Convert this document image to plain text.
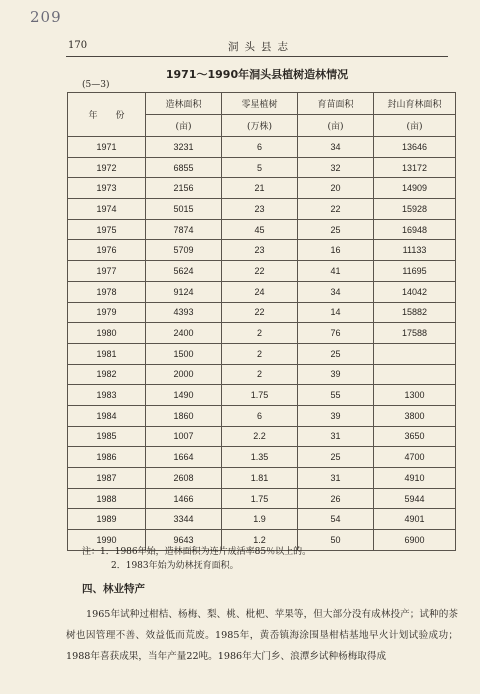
209
170	洞头县志
1971～1990年洞头县植树造林情况
(5—3)
年　　份	造林面积	零星植树	育苗面积	封山育林面积
	(亩)	(万株)	(亩)	(亩)
1971	3231	6	34	13646
1972	6855	5	32	13172
1973	2156	21	20	14909
1974	5015	23	22	15928
1975	7874	45	25	16948
1976	5709	23	16	11133
1977	5624	22	41	11695
1978	9124	24	34	14042
1979	4393	22	14	15882
1980	2400	2	76	17588
1981	1500	2	25	
1982	2000	2	39	
1983	1490	1.75	55	1300
1984	1860	6	39	3800
1985	1007	2.2	31	3650
1986	1664	1.35	25	4700
1987	2608	1.81	31	4910
1988	1466	1.75	26	5944
1989	3344	1.9	54	4901
1990	9643	1.2	50	6900
注：1．1986年始，造林面积为连片成活率85％以上的。
2．1983年始为幼林抚育面积。
四、林业特产

1965年试种过柑桔、杨梅、梨、桃、枇杷、苹果等，但大部分没有成林投产；试种的茶树也因管理不善、效益低而荒废。1985年，黄岙镇海涂围垦柑桔基地早火计划试验成功；1988年喜获成果，当年产量22吨。1986年大门乡、浪潭乡试种杨梅取得成
